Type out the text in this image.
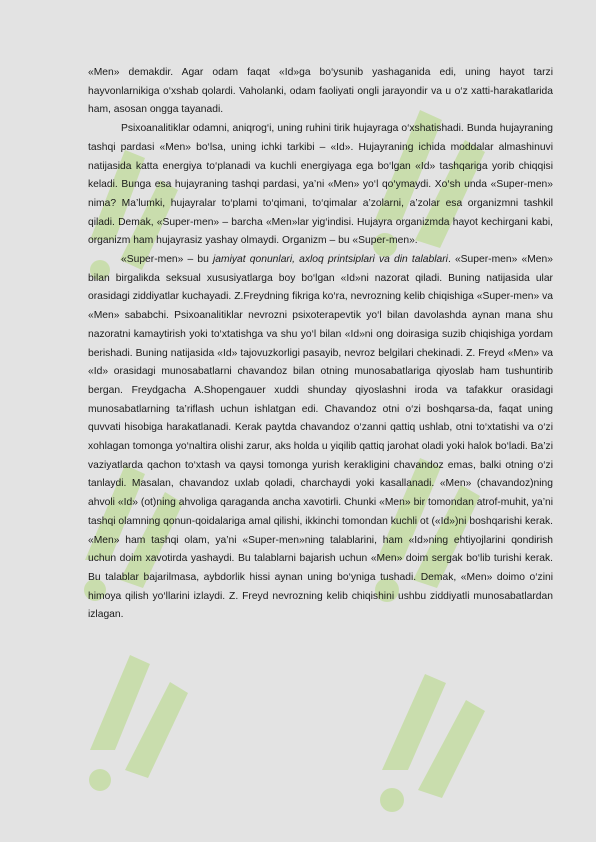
«Men» demakdir. Agar odam faqat «Id»ga bo‘ysunib yashaganida edi, uning hayot tarzi hayvonlarnikiga o‘xshab qolardi. Vaholanki, odam faoliyati ongli jarayondir va u o‘z xatti-harakatlarida ham, asosan ongga tayanadi.

Psixoanalitiklar odamni, aniqrog‘i, uning ruhini tirik hujayraga o‘xshatishadi. Bunda hujayraning tashqi pardasi «Men» bo‘lsa, uning ichki tarkibi – «Id». Hujayraning ichida moddalar almashinuvi natijasida katta energiya to‘planadi va kuchli energiyaga ega bo‘lgan «Id» tashqariga yorib chiqqisi keladi. Bunga esa hujayraning tashqi pardasi, ya’ni «Men» yo‘l qo‘ymaydi. Xo‘sh unda «Super-men» nima? Ma’lumki, hujayralar to‘plami to‘qimani, to‘qimalar a’zolarni, a’zolar esa organizmni tashkil qiladi. Demak, «Super-men» – barcha «Men»lar yig‘indisi. Hujayra organizmda hayot kechirgani kabi, organizm ham hujayrasiz yashay olmaydi. Organizm – bu «Super-men».

«Super-men» – bu jamiyat qonunlari, axloq printsiplari va din talablari. «Super-men» «Men» bilan birgalikda seksual xususiyatlarga boy bo‘lgan «Id»ni nazorat qiladi. Buning natijasida ular orasidagi ziddiyatlar kuchayadi. Z.Freydning fikriga ko‘ra, nevrozning kelib chiqishiga «Super-men» va «Men» sababchi. Psixoanalitiklar nevrozni psixoterapevtik yo‘l bilan davolashda aynan mana shu nazoratni kamaytirish yoki to‘xtatishga va shu yo‘l bilan «Id»ni ong doirasiga suzib chiqishiga yordam berishadi. Buning natijasida «Id» tajovuzkorligi pasayib, nevroz belgilari chekinadi. Z. Freyd «Men» va «Id» orasidagi munosabatlarni chavandoz bilan otning munosabatlariga qiyoslab ham tushuntirib bergan. Freydgacha A.Shopengauer xuddi shunday qiyoslashni iroda va tafakkur orasidagi munosabatlarning ta’riflash uchun ishlatgan edi. Chavandoz otni o‘zi boshqarsa-da, faqat uning quvvati hisobiga harakatlanadi. Kerak paytda chavandoz o‘zanni qattiq ushlab, otni to‘xtatishi va o‘zi xohlagan tomonga yo‘naltira olishi zarur, aks holda u yiqilib qattiq jarohat oladi yoki halok bo‘ladi. Ba’zi vaziyatlarda qachon to‘xtash va qaysi tomonga yurish kerakligini chavandoz emas, balki otning o‘zi tanlaydi. Masalan, chavandoz uxlab qoladi, charchaydi yoki kasallanadi. «Men» (chavandoz)ning ahvoli «Id» (ot)ning ahvoliga qaraganda ancha xavotirli. Chunki «Men» bir tomondan atrof-muhit, ya’ni tashqi olamning qonun-qoidalariga amal qilishi, ikkinchi tomondan kuchli ot («Id»)ni boshqarishi kerak. «Men» ham tashqi olam, ya’ni «Super-men»ning talablarini, ham «Id»ning ehtiyojlarini qondirish uchun doim xavotirda yashaydi. Bu talablarni bajarish uchun «Men» doim sergak bo‘lib turishi kerak. Bu talablar bajarilmasa, aybdorlik hissi aynan uning bo‘yniga tushadi. Demak, «Men» doimo o‘zini himoya qilish yo‘llarini izlaydi. Z. Freyd nevrozning kelib chiqishini ushbu ziddiyatli munosabatlardan izlagan.
